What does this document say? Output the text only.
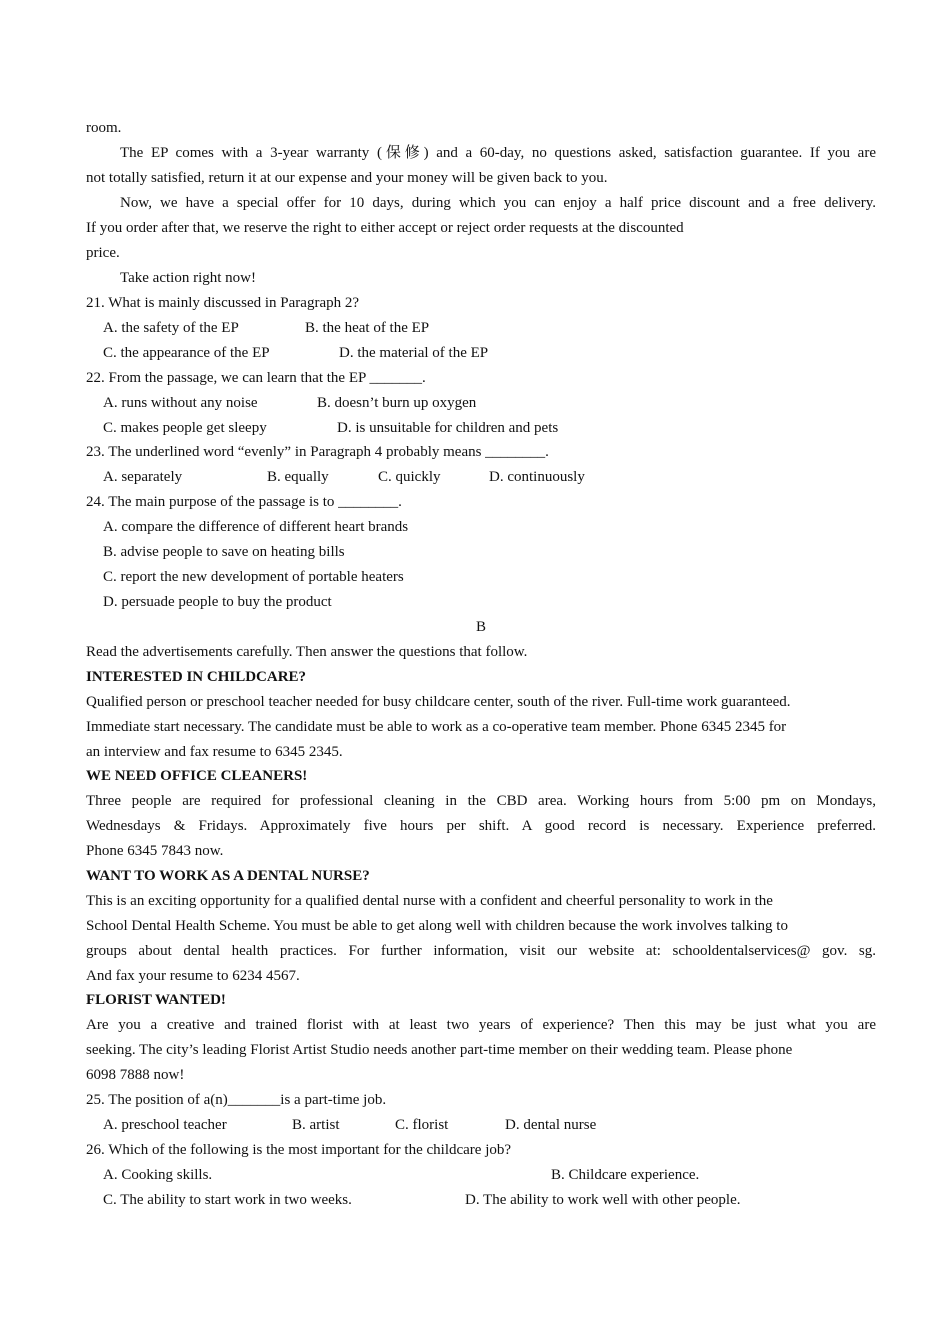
room.
The EP comes with a 3-year warranty (保修) and a 60-day, no questions asked, satisfaction guarantee. If you are
not totally satisfied, return it at our expense and your money will be given back to you.
Now, we have a special offer for 10 days, during which you can enjoy a half price discount and a free delivery.
If you order after that, we reserve the right to either accept or reject order requests at the discounted
price.
Take action right now!
21. What is mainly discussed in Paragraph 2?
A. the safety of the EP	B. the heat of the EP
C. the appearance of the EP	D. the material of the EP
22. From the passage, we can learn that the EP _______.
A. runs without any noise	B. doesn’t burn up oxygen
C. makes people get sleepy	D. is unsuitable for children and pets
23. The underlined word “evenly” in Paragraph 4 probably means ________.
A. separately	B. equally	C. quickly	D. continuously
24. The main purpose of the passage is to ________.
A. compare the difference of different heart brands
B. advise people to save on heating bills
C. report the new development of portable heaters
D. persuade people to buy the product
B
Read the advertisements carefully. Then answer the questions that follow.
INTERESTED IN CHILDCARE?
Qualified person or preschool teacher needed for busy childcare center, south of the river. Full-time work guaranteed.
Immediate start necessary. The candidate must be able to work as a co-operative team member. Phone 6345 2345 for
an interview and fax resume to 6345 2345.
WE NEED OFFICE CLEANERS!
Three people are required for professional cleaning in the CBD area. Working hours from 5:00 pm on Mondays,
Wednesdays & Fridays. Approximately five hours per shift. A good record is necessary. Experience preferred.
Phone 6345 7843 now.
WANT TO WORK AS A DENTAL NURSE?
This is an exciting opportunity for a qualified dental nurse with a confident and cheerful personality to work in the
School Dental Health Scheme. You must be able to get along well with children because the work involves talking to
groups about dental health practices. For further information, visit our website at: schooldentalservices@ gov. sg.
And fax your resume to 6234 4567.
FLORIST WANTED!
Are you a creative and trained florist with at least two years of experience? Then this may be just what you are
seeking. The city’s leading Florist Artist Studio needs another part-time member on their wedding team. Please phone
6098 7888 now!
25. The position of a(n)_______is a part-time job.
A. preschool teacher	B. artist	C. florist	D. dental nurse
26. Which of the following is the most important for the childcare job?
A. Cooking skills.	B. Childcare experience.
C. The ability to start work in two weeks.	D. The ability to work well with other people.
